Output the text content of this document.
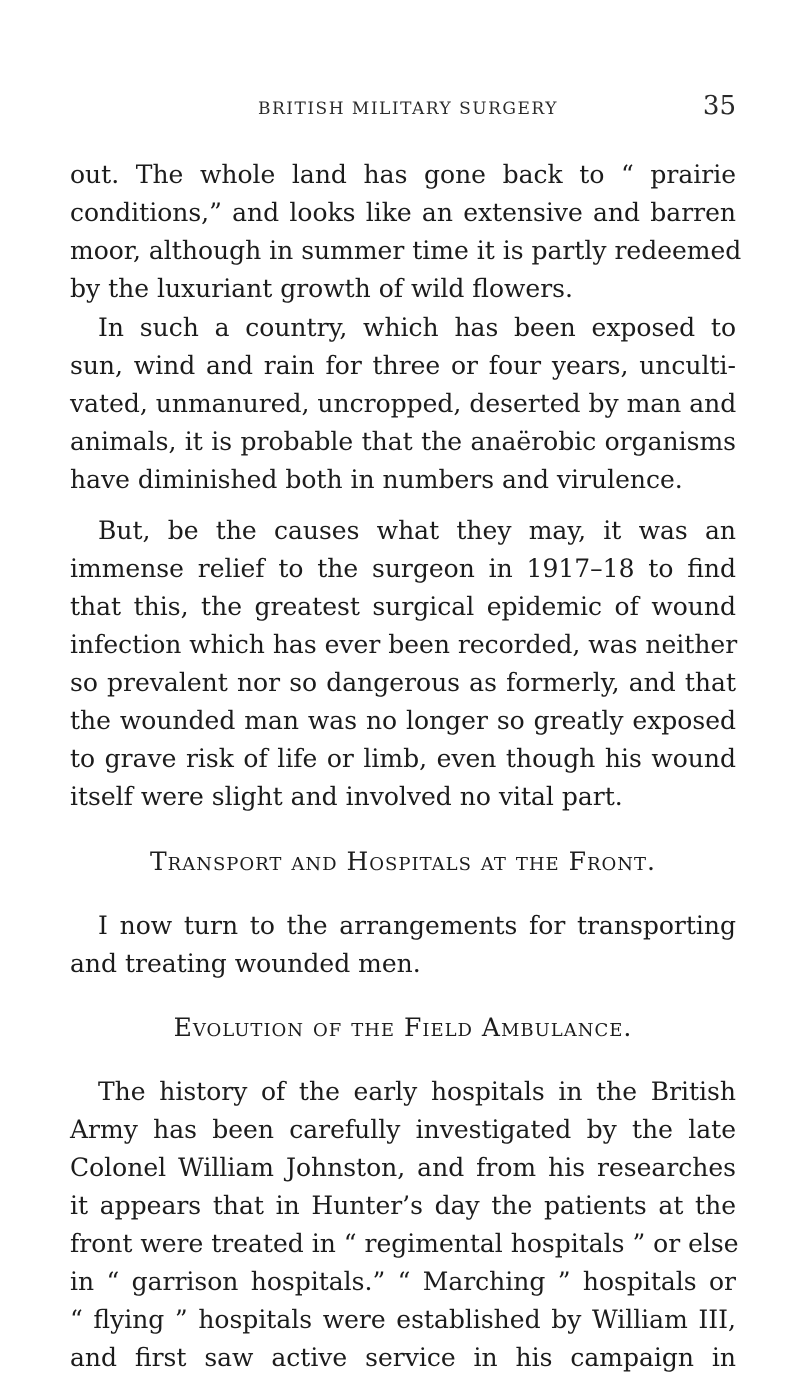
BRITISH MILITARY SURGERY	35
out. The whole land has gone back to “ prairie
conditions,” and looks like an extensive and barren
moor, although in summer time it is partly redeemed
by the luxuriant growth of wild flowers.
In such a country, which has been exposed to
sun, wind and rain for three or four years, unculti-
vated, unmanured, uncropped, deserted by man and
animals, it is probable that the anaërobic organisms
have diminished both in numbers and virulence.
But, be the causes what they may, it was an
immense relief to the surgeon in 1917–18 to find
that this, the greatest surgical epidemic of wound
infection which has ever been recorded, was neither
so prevalent nor so dangerous as formerly, and that
the wounded man was no longer so greatly exposed
to grave risk of life or limb, even though his wound
itself were slight and involved no vital part.
Transport and Hospitals at the Front.
I now turn to the arrangements for transporting
and treating wounded men.
Evolution of the Field Ambulance.
The history of the early hospitals in the British
Army has been carefully investigated by the late
Colonel William Johnston, and from his researches
it appears that in Hunter’s day the patients at the
front were treated in “ regimental hospitals ” or else
in “ garrison hospitals.” “ Marching ” hospitals or
“ flying ” hospitals were established by William III,
and first saw active service in his campaign in
